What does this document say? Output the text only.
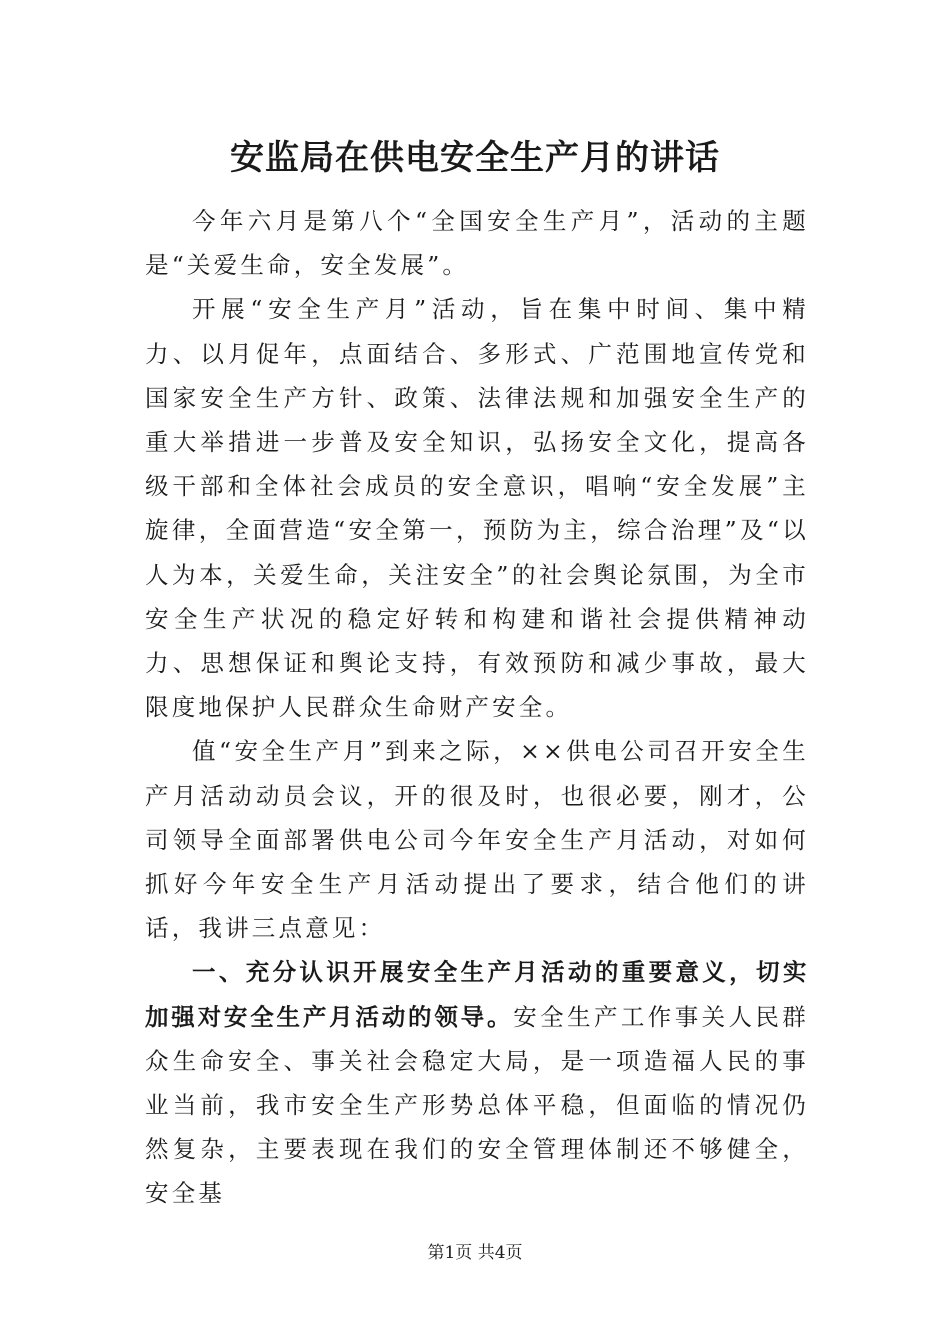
安监局在供电安全生产月的讲话

今年六月是第八个“全国安全生产月”，活动的主题是“关爱生命，安全发展”。

开展“安全生产月”活动，旨在集中时间、集中精力、以月促年，点面结合、多形式、广范围地宣传党和国家安全生产方针、政策、法律法规和加强安全生产的重大举措进一步普及安全知识，弘扬安全文化，提高各级干部和全体社会成员的安全意识，唱响“安全发展”主旋律，全面营造“安全第一，预防为主，综合治理”及“以人为本，关爱生命，关注安全”的社会舆论氛围，为全市安全生产状况的稳定好转和构建和谐社会提供精神动力、思想保证和舆论支持，有效预防和减少事故，最大限度地保护人民群众生命财产安全。

值“安全生产月”到来之际，××供电公司召开安全生产月活动动员会议，开的很及时，也很必要，刚才，公司领导全面部署供电公司今年安全生产月活动，对如何抓好今年安全生产月活动提出了要求，结合他们的讲话，我讲三点意见：

一、充分认识开展安全生产月活动的重要意义，切实加强对安全生产月活动的领导。安全生产工作事关人民群众生命安全、事关社会稳定大局，是一项造福人民的事业当前，我市安全生产形势总体平稳，但面临的情况仍然复杂，主要表现在我们的安全管理体制还不够健全，安全基

第1页 共4页
